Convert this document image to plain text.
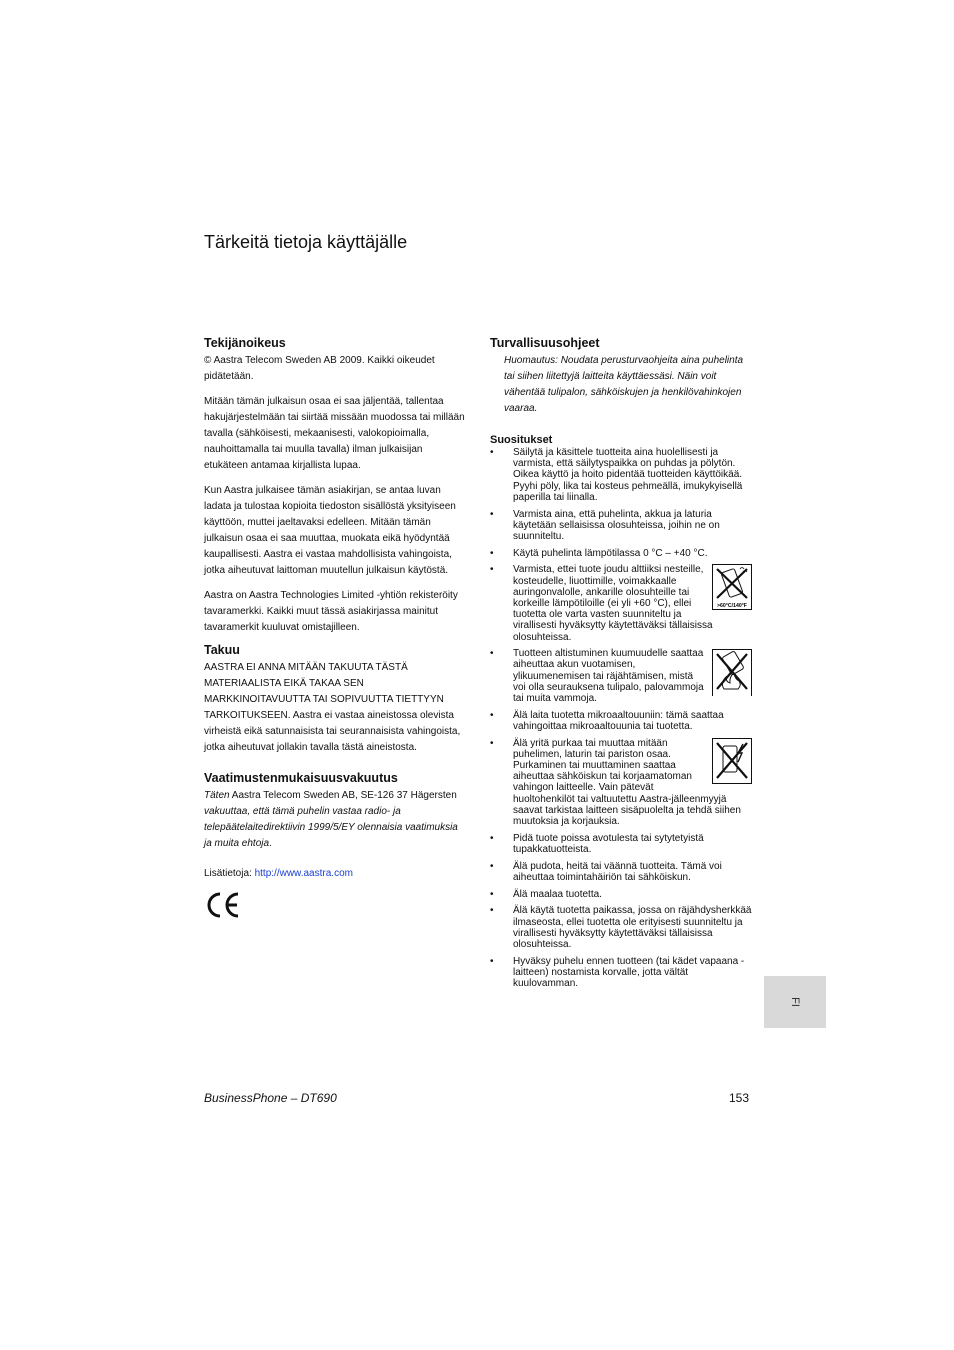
Tärkeitä tietoja käyttäjälle
Tekijänoikeus

© Aastra Telecom Sweden AB 2009. Kaikki oikeudet pidätetään.

Mitään tämän julkaisun osaa ei saa jäljentää, tallentaa hakujärjestelmään tai siirtää missään muodossa tai millään tavalla (sähköisesti, mekaanisesti, valokopioimalla, nauhoittamalla tai muulla tavalla) ilman julkaisijan etukäteen antamaa kirjallista lupaa.

Kun Aastra julkaisee tämän asiakirjan, se antaa luvan ladata ja tulostaa kopioita tiedoston sisällöstä yksityiseen käyttöön, muttei jaeltavaksi edelleen. Mitään tämän julkaisun osaa ei saa muuttaa, muokata eikä hyödyntää kaupallisesti. Aastra ei vastaa mahdollisista vahingoista, jotka aiheutuvat laittoman muutellun julkaisun käytöstä.

Aastra on Aastra Technologies Limited -yhtiön rekisteröity tavaramerkki. Kaikki muut tässä asiakirjassa mainitut tavaramerkit kuuluvat omistajilleen.

Takuu

AASTRA EI ANNA MITÄÄN TAKUUTA TÄSTÄ MATERIAALISTA EIKÄ TAKAA SEN MARKKINOITAVUUTTA TAI SOPIVUUTTA TIETTYYN TARKOITUKSEEN. Aastra ei vastaa aineistossa olevista virheistä eikä satunnaisista tai seurannaisista vahingoista, jotka aiheutuvat jollakin tavalla tästä aineistosta.

Vaatimustenmukaisuusvakuutus

Täten Aastra Telecom Sweden AB, SE-126 37 Hägersten vakuuttaa, että tämä puhelin vastaa radio- ja telepäätelaitedirektiivin 1999/5/EY olennaisia vaatimuksia ja muita ehtoja.

Lisätietoja: http://www.aastra.com

Turvallisuusohjeet

Huomautus: Noudata perusturvaohjeita aina puhelinta tai siihen liitettyjä laitteita käyttäessäsi. Näin voit vähentää tulipalon, sähköiskujen ja henkilövahinkojen vaaraa.

Suositukset
• Säilytä ja käsittele tuotteita aina huolellisesti ja varmista, että säilytyspaikka on puhdas ja pölytön. Oikea käyttö ja hoito pidentää tuotteiden käyttöikää. Pyyhi pöly, lika tai kosteus pehmeällä, imukykyisellä paperilla tai liinalla.
• Varmista aina, että puhelinta, akkua ja laturia käytetään sellaisissa olosuhteissa, joihin ne on suunniteltu.
• Käytä puhelinta lämpötilassa 0 °C – +40 °C.
• >60°C/140°F
Varmista, ettei tuote joudu alttiiksi nesteille, kosteudelle, liuottimille, voimakkaalle auringonvalolle, ankarille olosuhteille tai korkeille lämpötiloille (ei yli +60 °C), ellei tuotetta ole varta vasten suunniteltu ja virallisesti hyväksytty käytettäväksi tällaisissa olosuhteissa.
• Tuotteen altistuminen kuumuudelle saattaa aiheuttaa akun vuotamisen, ylikuumenemisen tai räjähtämisen, mistä voi olla seurauksena tulipalo, palovammoja tai muita vammoja.
• Älä laita tuotetta mikroaaltouuniin: tämä saattaa vahingoittaa mikroaaltouunia tai tuotetta.
• Älä yritä purkaa tai muuttaa mitään puhelimen, laturin tai pariston osaa. Purkaminen tai muuttaminen saattaa aiheuttaa sähköiskun tai korjaamatoman vahingon laitteelle. Vain pätevät huoltohenkilöt tai valtuutettu Aastra-jälleenmyyjä saavat tarkistaa laitteen sisäpuolelta ja tehdä siihen muutoksia ja korjauksia.
• Pidä tuote poissa avotulesta tai sytytetyistä tupakkatuotteista.
• Älä pudota, heitä tai väännä tuotteita. Tämä voi aiheuttaa toimintahäiriön tai sähköiskun.
• Älä maalaa tuotetta.
• Älä käytä tuotetta paikassa, jossa on räjähdysherkkää ilmaseosta, ellei tuotetta ole erityisesti suunniteltu ja virallisesti hyväksytty käytettäväksi tällaisissa olosuhteissa.
• Hyväksy puhelu ennen tuotteen (tai kädet vapaana -laitteen) nostamista korvalle, jotta vältät kuulovamman.
FI
BusinessPhone – DT690	153
